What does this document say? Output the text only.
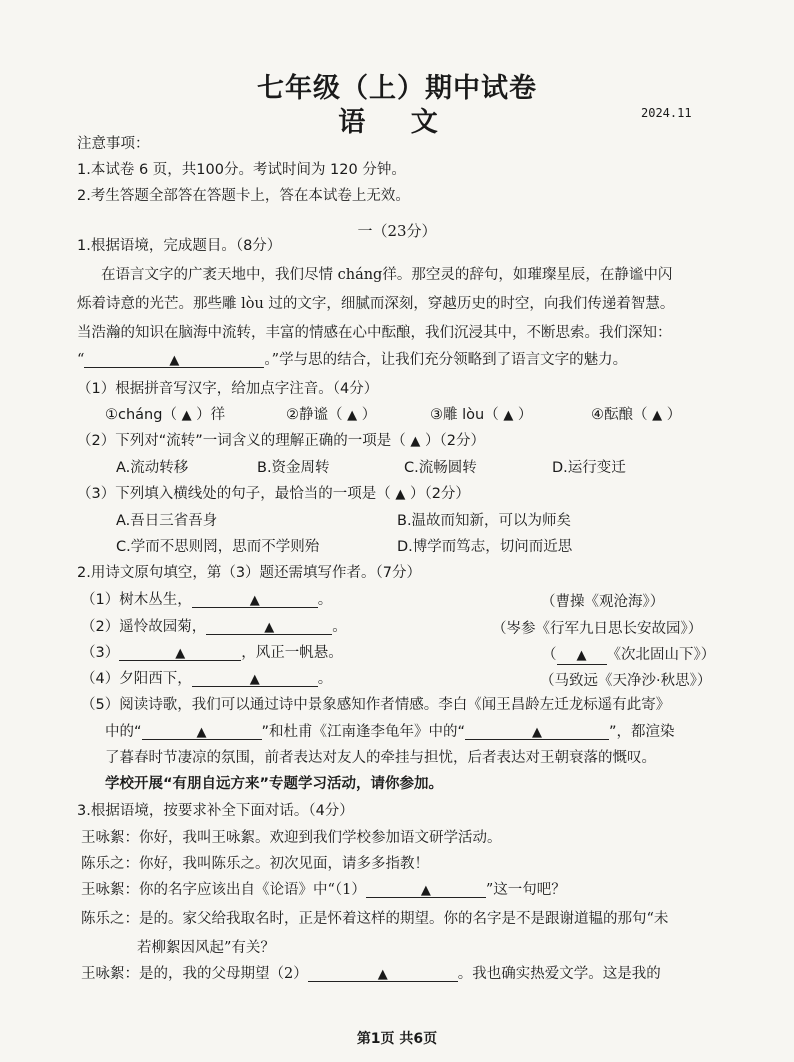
七年级（上）期中试卷
语 文	2024.11
注意事项：
1.本试卷 6 页，共100分。考试时间为 120 分钟。
2.考生答题全部答在答题卡上，答在本试卷上无效。
一（23分）
1.根据语境，完成题目。（8分）
在语言文字的广袤天地中，我们尽情 cháng徉。那空灵的辞句，如璀璨星辰，在静谧中闪
烁着诗意的光芒。那些雕 lòu 过的文字，细腻而深刻，穿越历史的时空，向我们传递着智慧。
当浩瀚的知识在脑海中流转，丰富的情感在心中酝酿，我们沉浸其中，不断思索。我们深知：
“ ▲	。”学与思的结合，让我们充分领略到了语言文字的魅力。
（1）根据拼音写汉字，给加点字注音。（4分）
①cháng（ ▲ ）徉	②静谧（ ▲ ）	③雕 lòu（ ▲ ）	④酝酿（ ▲ ）
（2）下列对“流转”一词含义的理解正确的一项是（ ▲ ）（2分）
A.流动转移	B.资金周转	C.流畅圆转	D.运行变迁
（3）下列填入横线处的句子，最恰当的一项是（ ▲ ）（2分）
A.吾日三省吾身	B.温故而知新，可以为师矣
C.学而不思则罔，思而不学则殆	D.博学而笃志，切问而近思
2.用诗文原句填空，第（3）题还需填写作者。（7分）
（1）树木丛生， ▲	。	（曹操《观沧海》）
（2）遥怜故园菊， ▲	。	（岑参《行军九日思长安故园》）
（3） ▲	，风正一帆悬。	（ ▲	《次北固山下》）
（4）夕阳西下， ▲	。	（马致远《天净沙·秋思》）
（5）阅读诗歌，我们可以通过诗中景象感知作者情感。李白《闻王昌龄左迁龙标遥有此寄》
中的“ ▲	”和杜甫《江南逢李龟年》中的“ ▲	”，都渲染
了暮春时节凄凉的氛围，前者表达对友人的牵挂与担忧，后者表达对王朝衰落的慨叹。
学校开展“有朋自远方来”专题学习活动，请你参加。
3.根据语境，按要求补全下面对话。（4分）
王咏絮：你好，我叫王咏絮。欢迎到我们学校参加语文研学活动。
陈乐之：你好，我叫陈乐之。初次见面，请多多指教！
王咏絮：你的名字应该出自《论语》中“（1） ▲	”这一句吧？
陈乐之：是的。家父给我取名时，正是怀着这样的期望。你的名字是不是跟谢道韫的那句“未
若柳絮因风起”有关？
王咏絮：是的，我的父母期望（2） ▲	。我也确实热爱文学。这是我的
第1页 共6页
